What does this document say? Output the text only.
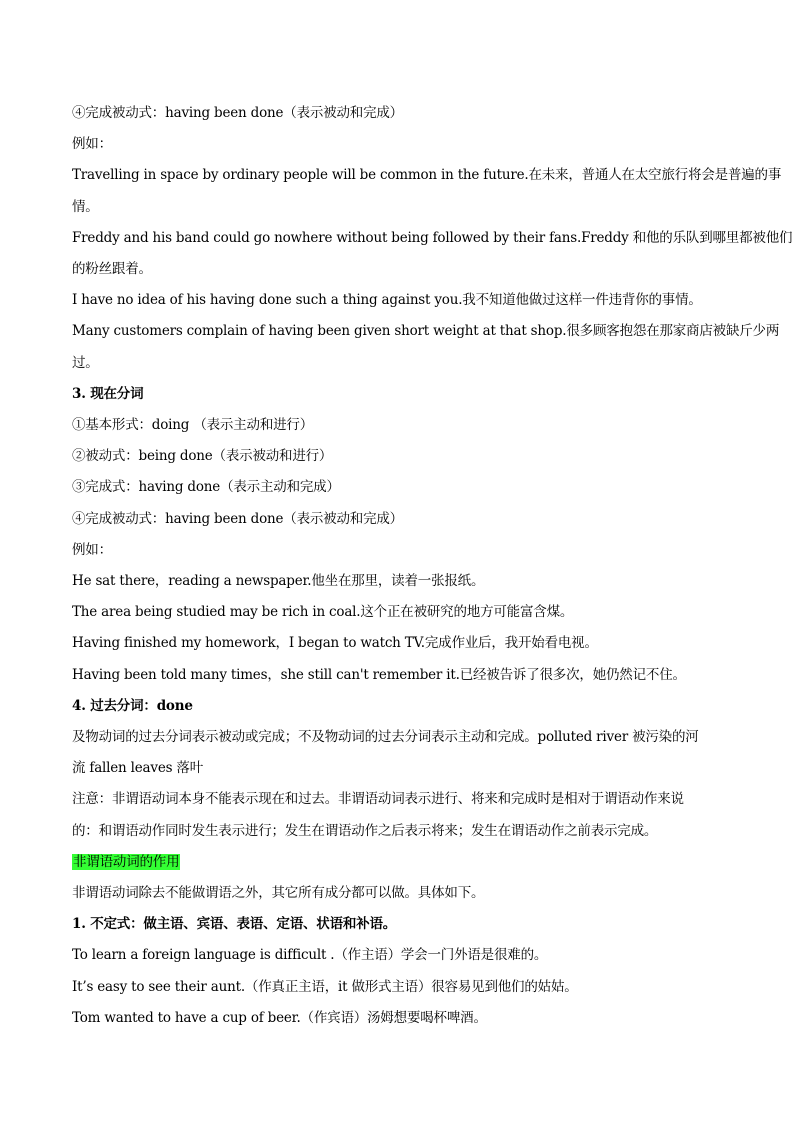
④完成被动式：having been done（表示被动和完成）
例如：
Travelling in space by ordinary people will be common in the future.在未来，普通人在太空旅行将会是普遍的事
情。
Freddy and his band could go nowhere without being followed by their fans.Freddy 和他的乐队到哪里都被他们
的粉丝跟着。
I have no idea of his having done such a thing against you.我不知道他做过这样一件违背你的事情。
Many customers complain of having been given short weight at that shop.很多顾客抱怨在那家商店被缺斤少两
过。
3. 现在分词
①基本形式：doing （表示主动和进行）
②被动式：being done（表示被动和进行）
③完成式：having done（表示主动和完成）
④完成被动式：having been done（表示被动和完成）
例如：
He sat there，reading a newspaper.他坐在那里，读着一张报纸。
The area being studied may be rich in coal.这个正在被研究的地方可能富含煤。
Having finished my homework，I began to watch TV.完成作业后，我开始看电视。
Having been told many times，she still can't remember it.已经被告诉了很多次，她仍然记不住。
4. 过去分词：done
及物动词的过去分词表示被动或完成；不及物动词的过去分词表示主动和完成。polluted river 被污染的河
流 fallen leaves 落叶
注意：非谓语动词本身不能表示现在和过去。非谓语动词表示进行、将来和完成时是相对于谓语动作来说
的：和谓语动作同时发生表示进行；发生在谓语动作之后表示将来；发生在谓语动作之前表示完成。
非谓语动词的作用
非谓语动词除去不能做谓语之外，其它所有成分都可以做。具体如下。
1. 不定式：做主语、宾语、表语、定语、状语和补语。
To learn a foreign language is difficult .（作主语）学会一门外语是很难的。
It’s easy to see their aunt.（作真正主语，it 做形式主语）很容易见到他们的姑姑。
Tom wanted to have a cup of beer.（作宾语）汤姆想要喝杯啤酒。
